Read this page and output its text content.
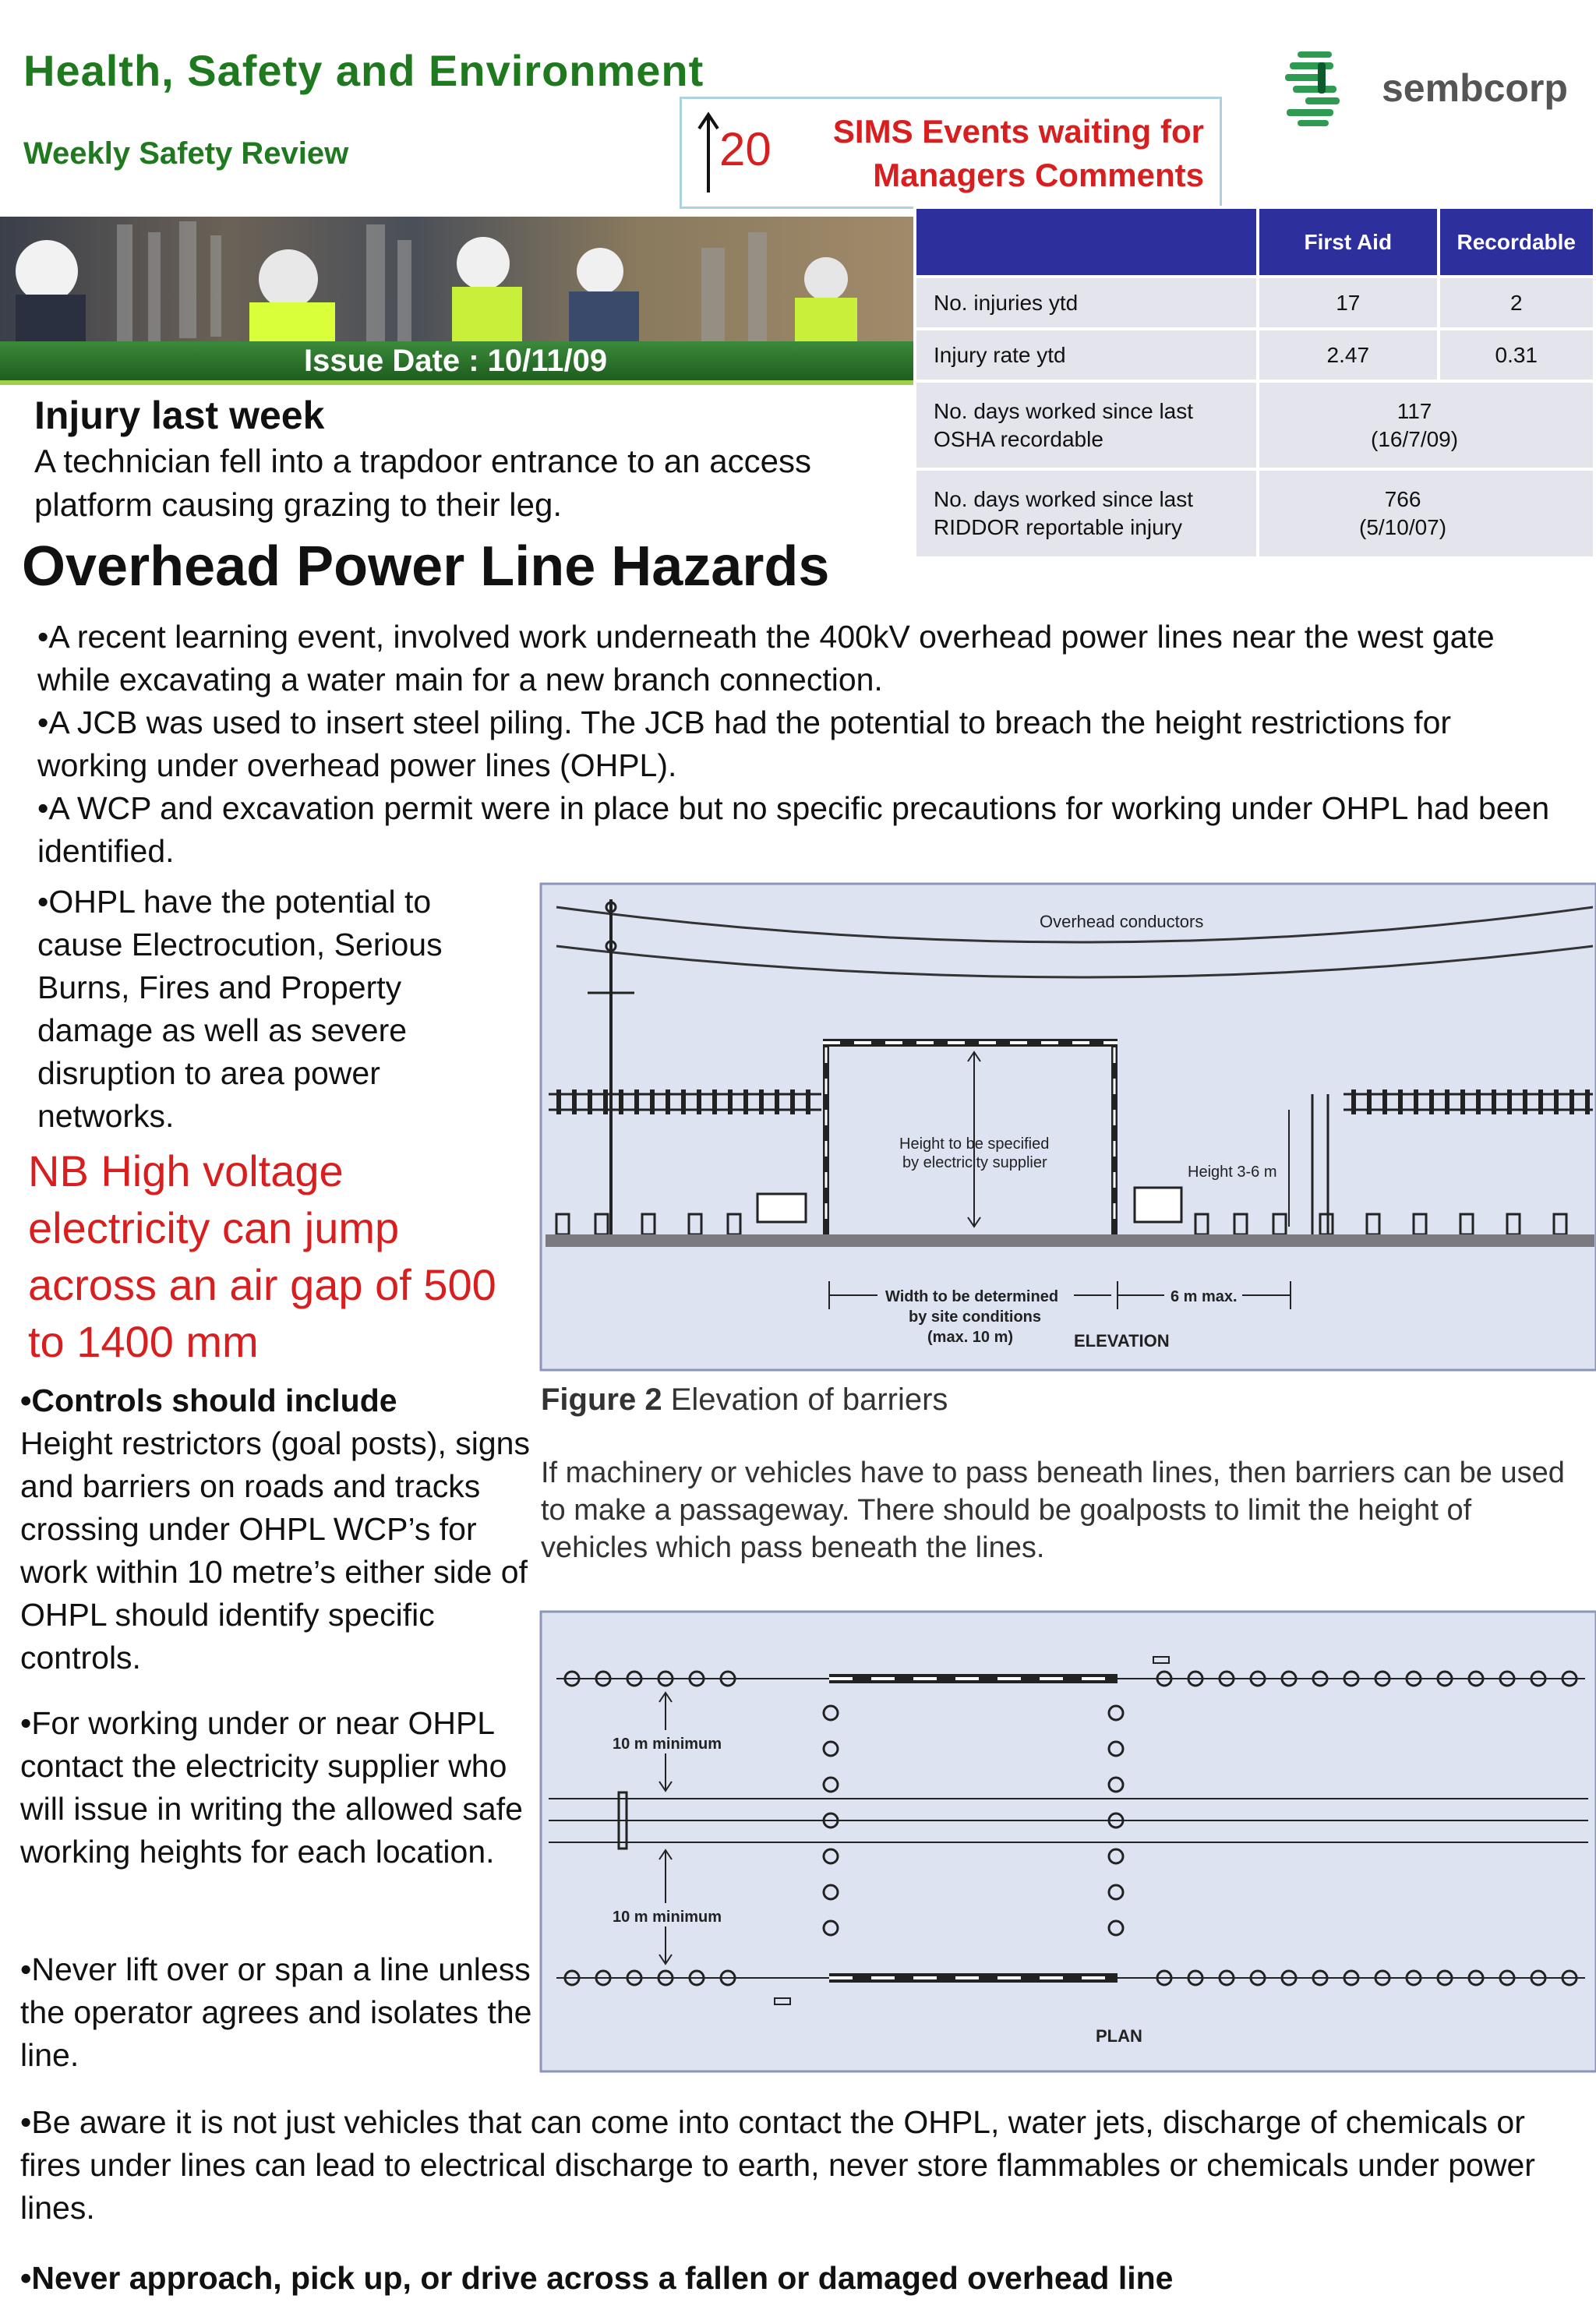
Health, Safety and Environment
Weekly Safety Review	20	SIMS Events waiting for Managers Comments
sembcorp
Issue Date : 10/11/09
	First Aid	Recordable
No. injuries ytd	17	2
Injury rate ytd	2.47	0.31
No. days worked since last OSHA recordable	117 (16/7/09)	
No. days worked since last RIDDOR reportable injury	766 (5/10/07)	
Injury last week
A technician fell into a trapdoor entrance to an access platform causing grazing to their leg.
Overhead Power Line Hazards
•A recent learning event, involved work underneath the 400kV overhead power lines near the west gate while excavating a water main for a new branch connection.
•A JCB was used to insert steel piling. The JCB had the potential to breach the height restrictions for working under overhead power lines (OHPL).
•A WCP and excavation permit were in place but no specific precautions for working under OHPL had been identified.
•OHPL have the potential to cause Electrocution, Serious Burns, Fires and Property damage as well as severe disruption to area power networks.
NB High voltage electricity can jump across an air gap of 500 to 1400 mm
•Controls should include
Height restrictors (goal posts), signs and barriers on roads and tracks crossing under OHPL WCP’s for work within 10 metre’s either side of OHPL should identify specific controls.
•For working under or near OHPL contact the electricity supplier who will issue in writing the allowed safe working heights for each location.
•Never lift over or span a line unless the operator agrees and isolates the line.
•Be aware it is not just vehicles that can come into contact the OHPL, water jets, discharge of chemicals or fires under lines can lead to electrical discharge to earth, never store flammables or chemicals under power lines.
•Never approach, pick up, or drive across a fallen or damaged overhead line
Overhead conductors
Height to be specified
by electricity supplier
Height 3-6 m
Width to be determined
by site conditions
(max. 10 m)
6 m max.
ELEVATION
Figure 2 Elevation of barriers
If machinery or vehicles have to pass beneath lines, then barriers can be used to make a passageway. There should be goalposts to limit the height of vehicles which pass beneath the lines.
10 m minimum
10 m minimum
PLAN
